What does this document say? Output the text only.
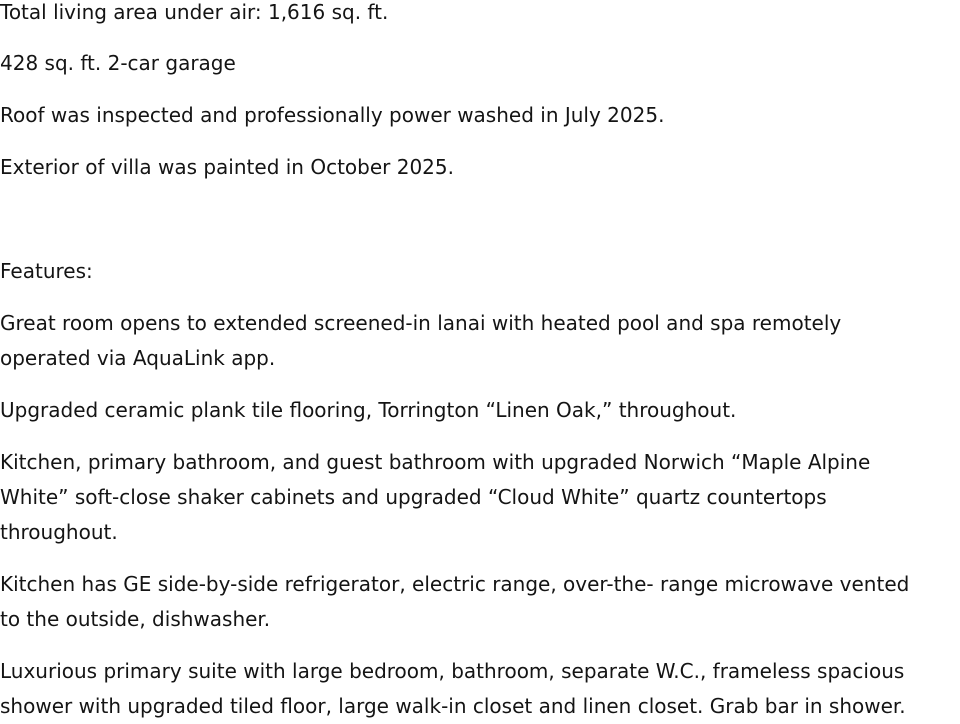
Total living area under air: 1,616 sq. ft.

428 sq. ft. 2-car garage

Roof was inspected and professionally power washed in July 2025.

Exterior of villa was painted in October 2025.

Features:

Great room opens to extended screened-in lanai with heated pool and spa remotely

operated via AquaLink app.

Upgraded ceramic plank tile flooring, Torrington “Linen Oak,” throughout.

Kitchen, primary bathroom, and guest bathroom with upgraded Norwich “Maple Alpine

White” soft-close shaker cabinets and upgraded “Cloud White” quartz countertops

throughout.

Kitchen has GE side-by-side refrigerator, electric range, over-the- range microwave vented

to the outside, dishwasher.

Luxurious primary suite with large bedroom, bathroom, separate W.C., frameless spacious

shower with upgraded tiled floor, large walk-in closet and linen closet. Grab bar in shower.
